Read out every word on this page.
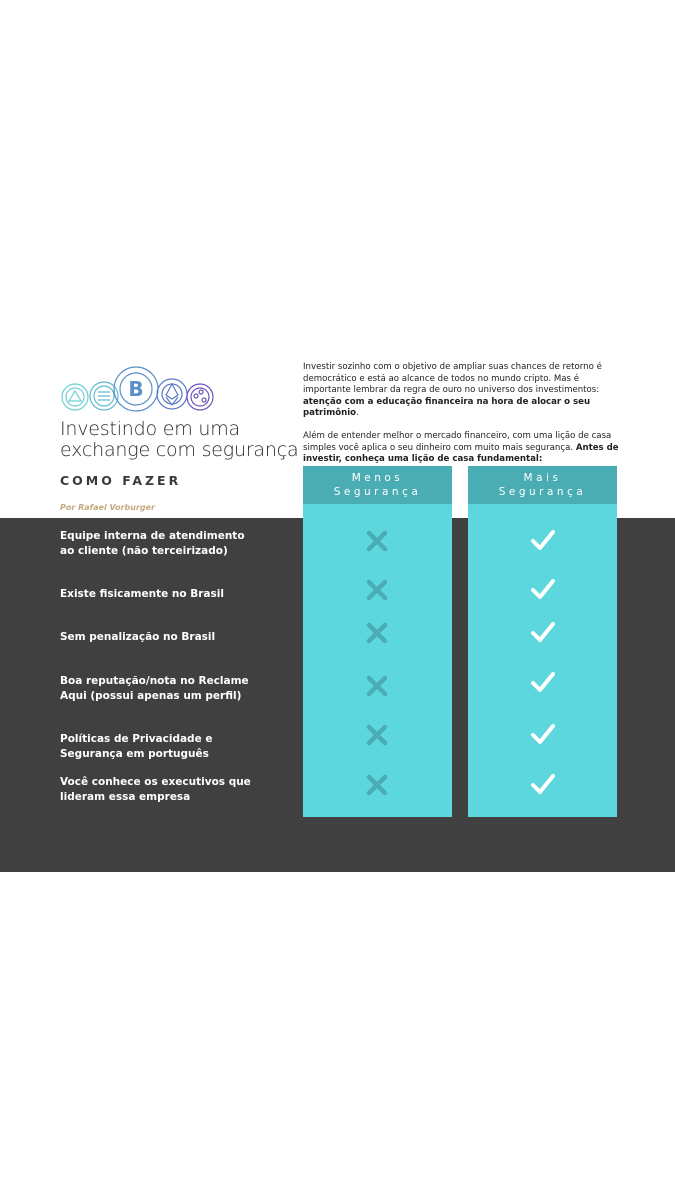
B
Investindo em uma
exchange com segurança
COMO FAZER
Por Rafael Vorburger

Investir sozinho com o objetivo de ampliar suas chances de retorno é democrático e está ao alcance de todos no mundo cripto. Mas é importante lembrar da regra de ouro no universo dos investimentos: atenção com a educação financeira na hora de alocar o seu patrimônio.

Além de entender melhor o mercado financeiro, com uma lição de casa simples você aplica o seu dinheiro com muito mais segurança. Antes de investir, conheça uma lição de casa fundamental:

Menos
Segurança
Mais
Segurança
Equipe interna de atendimento
ao cliente (não terceirizado)
Existe fisicamente no Brasil
Sem penalização no Brasil
Boa reputação/nota no Reclame
Aqui (possui apenas um perfil)
Políticas de Privacidade e
Segurança em português
Você conhece os executivos que
lideram essa empresa
